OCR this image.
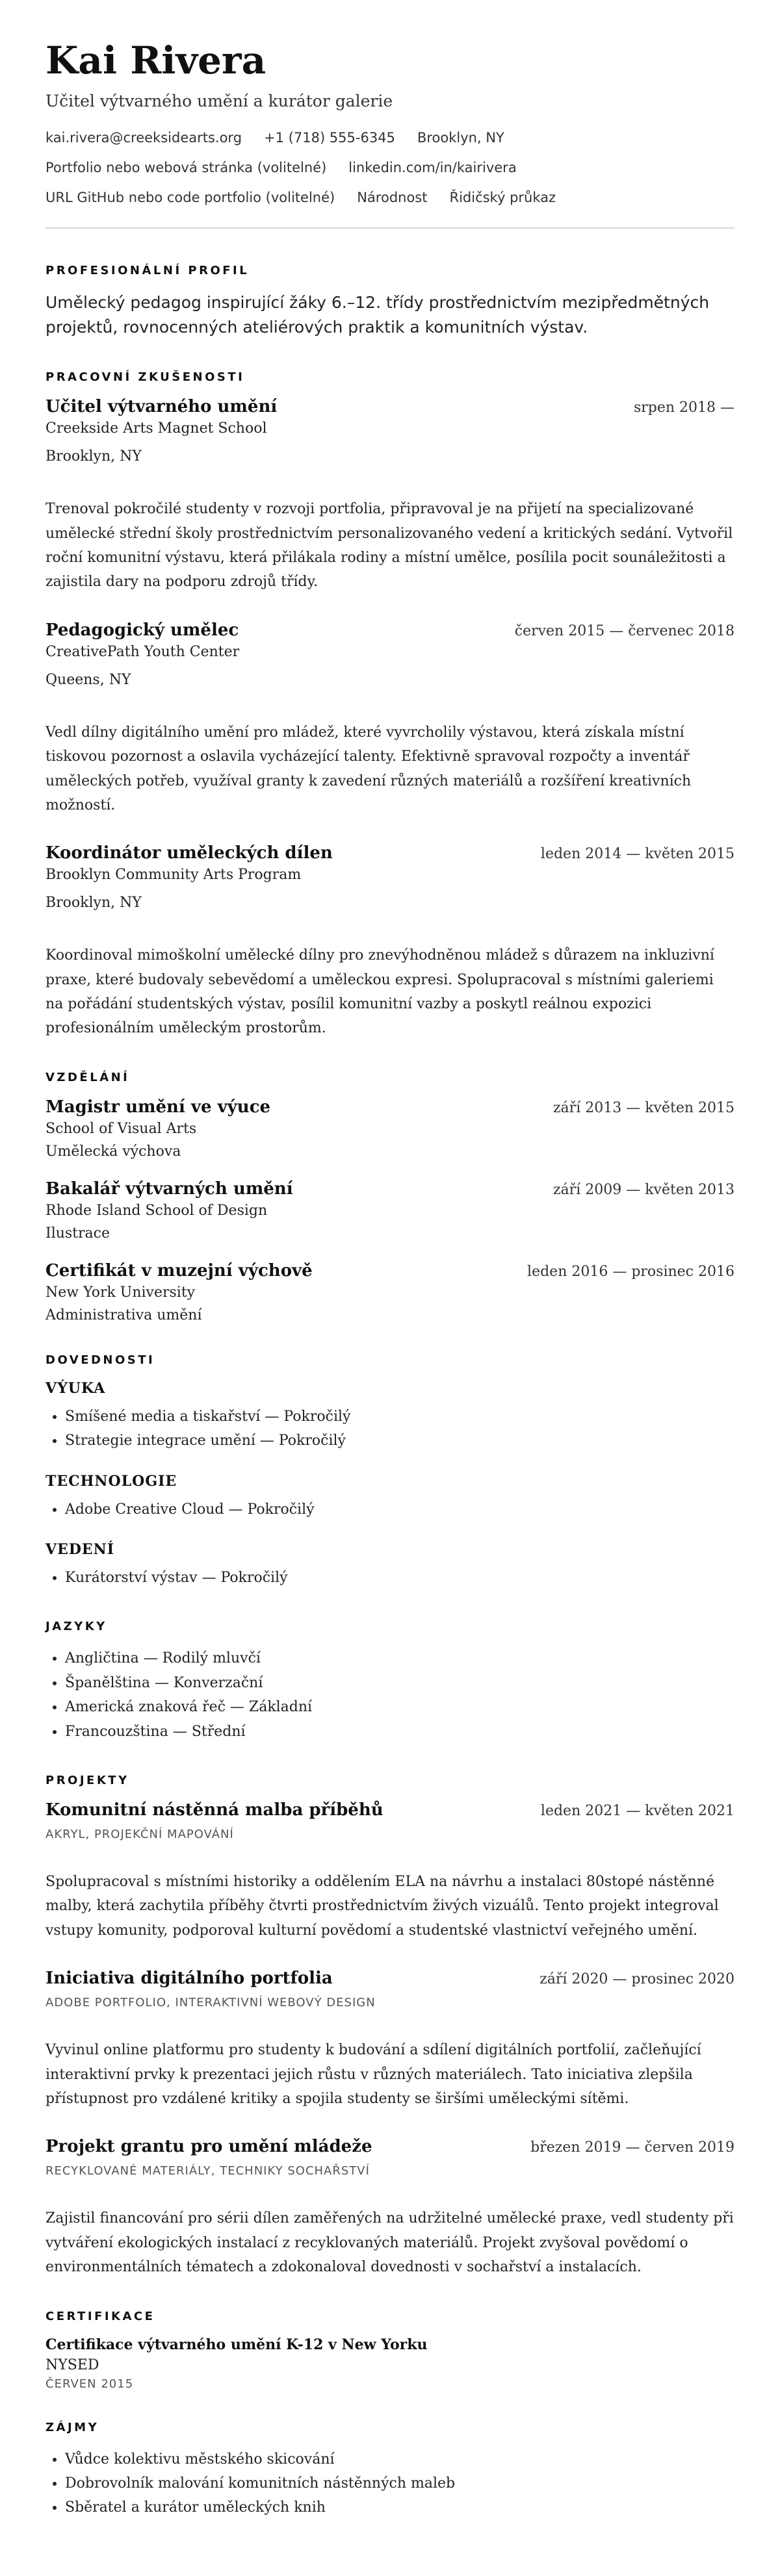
Kai Rivera
Učitel výtvarného umění a kurátor galerie
kai.rivera@creeksidearts.org +1 (718) 555-6345 Brooklyn, NY
Portfolio nebo webová stránka (volitelné) linkedin.com/in/kairivera
URL GitHub nebo code portfolio (volitelné) Národnost Řidičský průkaz
PROFESIONÁLNÍ PROFIL

Umělecký pedagog inspirující žáky 6.–12. třídy prostřednictvím mezipředmětných projektů, rovnocenných ateliérových praktik a komunitních výstav.

PRACOVNÍ ZKUŠENOSTI
Učitel výtvarného umění	srpen 2018 —
Creekside Arts Magnet School
Brooklyn, NY

Trenoval pokročilé studenty v rozvoji portfolia, připravoval je na přijetí na specializované umělecké střední školy prostřednictvím personalizovaného vedení a kritických sedání. Vytvořil roční komunitní výstavu, která přilákala rodiny a místní umělce, posílila pocit sounáležitosti a zajistila dary na podporu zdrojů třídy.

Pedagogický umělec	červen 2015 — červenec 2018
CreativePath Youth Center
Queens, NY

Vedl dílny digitálního umění pro mládež, které vyvrcholily výstavou, která získala místní tiskovou pozornost a oslavila vycházející talenty. Efektivně spravoval rozpočty a inventář uměleckých potřeb, využíval granty k zavedení různých materiálů a rozšíření kreativních možností.

Koordinátor uměleckých dílen	leden 2014 — květen 2015
Brooklyn Community Arts Program
Brooklyn, NY

Koordinoval mimoškolní umělecké dílny pro znevýhodněnou mládež s důrazem na inkluzivní praxe, které budovaly sebevědomí a uměleckou expresi. Spolupracoval s místními galeriemi na pořádání studentských výstav, posílil komunitní vazby a poskytl reálnou expozici profesionálním uměleckým prostorům.

VZDĚLÁNÍ
Magistr umění ve výuce	září 2013 — květen 2015
School of Visual Arts
Umělecká výchova
Bakalář výtvarných umění	září 2009 — květen 2013
Rhode Island School of Design
Ilustrace
Certifikát v muzejní výchově	leden 2016 — prosinec 2016
New York University
Administrativa umění
DOVEDNOSTI
VÝUKA
• Smíšené media a tiskařství — Pokročilý
• Strategie integrace umění — Pokročilý
TECHNOLOGIE
• Adobe Creative Cloud — Pokročilý
VEDENÍ
• Kurátorství výstav — Pokročilý
JAZYKY
• Angličtina — Rodilý mluvčí
• Španělština — Konverzační
• Americká znaková řeč — Základní
• Francouzština — Střední
PROJEKTY
Komunitní nástěnná malba příběhů	leden 2021 — květen 2021
AKRYL, PROJEKČNÍ MAPOVÁNÍ

Spolupracoval s místními historiky a oddělením ELA na návrhu a instalaci 80stopé nástěnné malby, která zachytila příběhy čtvrti prostřednictvím živých vizuálů. Tento projekt integroval vstupy komunity, podporoval kulturní povědomí a studentské vlastnictví veřejného umění.

Iniciativa digitálního portfolia	září 2020 — prosinec 2020
ADOBE PORTFOLIO, INTERAKTIVNÍ WEBOVÝ DESIGN

Vyvinul online platformu pro studenty k budování a sdílení digitálních portfolií, začleňující interaktivní prvky k prezentaci jejich růstu v různých materiálech. Tato iniciativa zlepšila přístupnost pro vzdálené kritiky a spojila studenty se širšími uměleckými sítěmi.

Projekt grantu pro umění mládeže	březen 2019 — červen 2019
RECYKLOVANÉ MATERIÁLY, TECHNIKY SOCHAŘSTVÍ

Zajistil financování pro sérii dílen zaměřených na udržitelné umělecké praxe, vedl studenty při vytváření ekologických instalací z recyklovaných materiálů. Projekt zvyšoval povědomí o environmentálních tématech a zdokonaloval dovednosti v sochařství a instalacích.

CERTIFIKACE
Certifikace výtvarného umění K-12 v New Yorku
NYSED
ČERVEN 2015
ZÁJMY
• Vůdce kolektivu městského skicování
• Dobrovolník malování komunitních nástěnných maleb
• Sběratel a kurátor uměleckých knih
